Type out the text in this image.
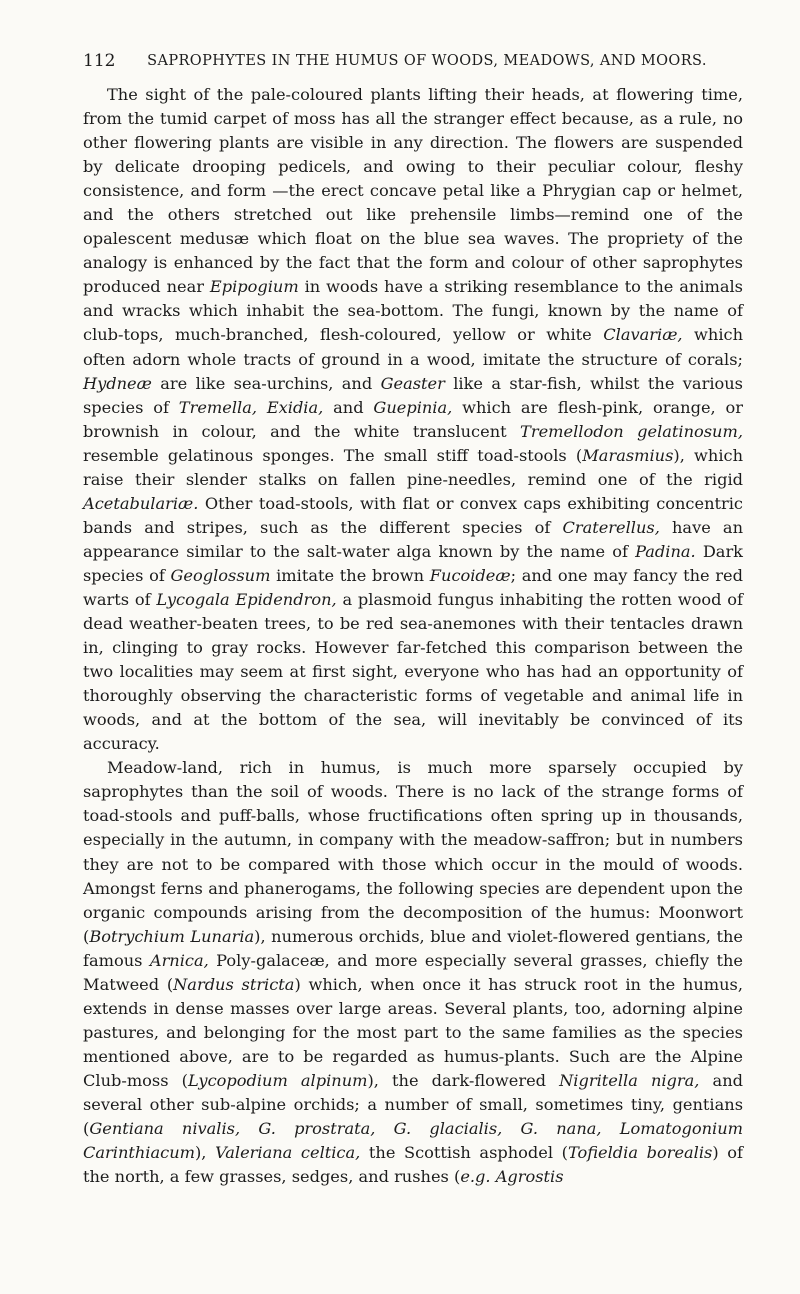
112	SAPROPHYTES IN THE HUMUS OF WOODS, MEADOWS, AND MOORS.

The sight of the pale-coloured plants lifting their heads, at flowering time, from the tumid carpet of moss has all the stranger effect because, as a rule, no other flowering plants are visible in any direction. The flowers are suspended by delicate drooping pedicels, and owing to their peculiar colour, fleshy consistence, and form —the erect concave petal like a Phrygian cap or helmet, and the others stretched out like prehensile limbs—remind one of the opalescent medusæ which float on the blue sea waves. The propriety of the analogy is enhanced by the fact that the form and colour of other saprophytes produced near Epipogium in woods have a striking resemblance to the animals and wracks which inhabit the sea-bottom. The fungi, known by the name of club-tops, much-branched, flesh-coloured, yellow or white Clavariæ, which often adorn whole tracts of ground in a wood, imitate the structure of corals; Hydneæ are like sea-urchins, and Geaster like a star-fish, whilst the various species of Tremella, Exidia, and Guepinia, which are flesh-pink, orange, or brownish in colour, and the white translucent Tremellodon gelatinosum, resemble gelatinous sponges. The small stiff toad-stools (Marasmius), which raise their slender stalks on fallen pine-needles, remind one of the rigid Acetabulariæ. Other toad-stools, with flat or convex caps exhibiting concentric bands and stripes, such as the different species of Craterellus, have an appearance similar to the salt-water alga known by the name of Padina. Dark species of Geoglossum imitate the brown Fucoideæ; and one may fancy the red warts of Lycogala Epidendron, a plasmoid fungus inhabiting the rotten wood of dead weather-beaten trees, to be red sea-anemones with their tentacles drawn in, clinging to gray rocks. However far-fetched this comparison between the two localities may seem at first sight, everyone who has had an opportunity of thoroughly observing the characteristic forms of vegetable and animal life in woods, and at the bottom of the sea, will inevitably be convinced of its accuracy.

Meadow-land, rich in humus, is much more sparsely occupied by saprophytes than the soil of woods. There is no lack of the strange forms of toad-stools and puff-balls, whose fructifications often spring up in thousands, especially in the autumn, in company with the meadow-saffron; but in numbers they are not to be compared with those which occur in the mould of woods. Amongst ferns and phanerogams, the following species are dependent upon the organic compounds arising from the decomposition of the humus: Moonwort (Botrychium Lunaria), numerous orchids, blue and violet-flowered gentians, the famous Arnica, Poly-galaceæ, and more especially several grasses, chiefly the Matweed (Nardus stricta) which, when once it has struck root in the humus, extends in dense masses over large areas. Several plants, too, adorning alpine pastures, and belonging for the most part to the same families as the species mentioned above, are to be regarded as humus-plants. Such are the Alpine Club-moss (Lycopodium alpinum), the dark-flowered Nigritella nigra, and several other sub-alpine orchids; a number of small, sometimes tiny, gentians (Gentiana nivalis, G. prostrata, G. glacialis, G. nana, Lomatogonium Carinthiacum), Valeriana celtica, the Scottish asphodel (Tofieldia borealis) of the north, a few grasses, sedges, and rushes (e.g. Agrostis
